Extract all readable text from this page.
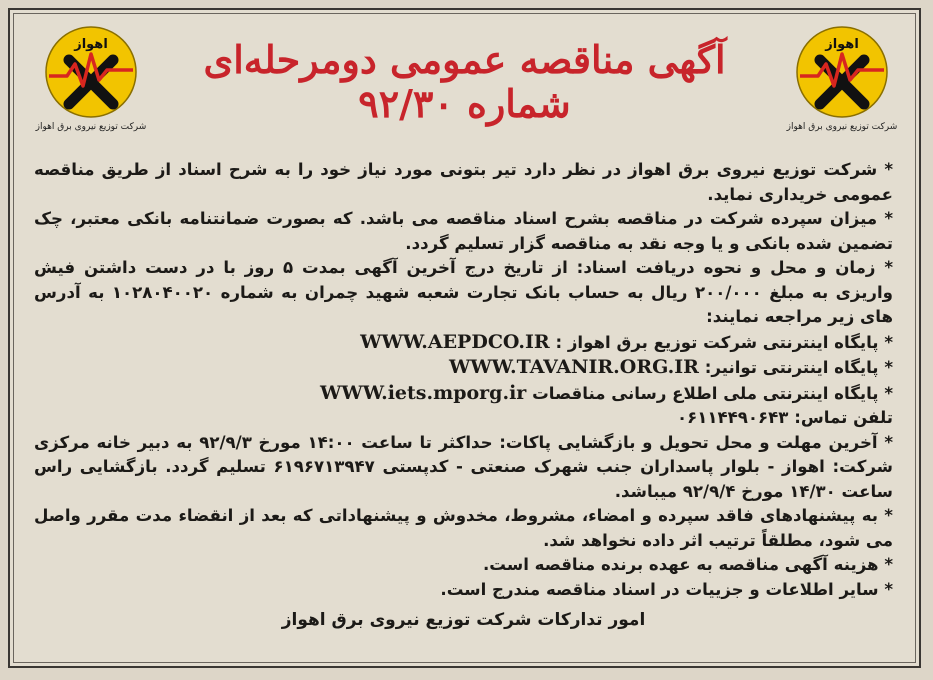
اهواز
شرکت توزیع نیروی برق اهواز
اهواز
شرکت توزیع نیروی برق اهواز
آگهی مناقصه عمومی دومرحله‌ای
شماره ۹۲/۳۰

* شرکت توزیع نیروی برق اهواز در نظر دارد تیر بتونی مورد نیاز خود را به شرح اسناد از طریق مناقصه عمومی خریداری نماید.

* میزان سپرده شرکت در مناقصه بشرح اسناد مناقصه می باشد. که بصورت ضمانتنامه بانکی معتبر، چک تضمین شده بانکی و یا وجه نقد به مناقصه گزار تسلیم گردد.

* زمان و محل و نحوه دریافت اسناد: از تاریخ درج آخرین آگهی بمدت ۵ روز با در دست داشتن فیش واریزی به مبلغ ۲۰۰/۰۰۰ ریال به حساب بانک تجارت شعبه شهید چمران به شماره ۱۰۲۸۰۴۰۰۲۰ به آدرس های زیر مراجعه نمایند:

* پایگاه اینترنتی شرکت توزیع برق اهواز : WWW.AEPDCO.IR

* پایگاه اینترنتی توانیر: WWW.TAVANIR.ORG.IR

* پایگاه اینترنتی ملی اطلاع رسانی مناقصات WWW.iets.mporg.ir

تلفن تماس: ۰۶۱۱۴۴۹۰۶۴۳

* آخرین مهلت و محل تحویل و بازگشایی پاکات: حداکثر تا ساعت ۱۴:۰۰ مورخ ۹۲/۹/۳ به دبیر خانه مرکزی شرکت: اهواز - بلوار پاسداران جنب شهرک صنعتی - کدپستی ۶۱۹۶۷۱۳۹۴۷ تسلیم گردد. بازگشایی راس ساعت ۱۴/۳۰ مورخ ۹۲/۹/۴ میباشد.

* به پیشنهادهای فاقد سپرده و امضاء، مشروط، مخدوش و پیشنهاداتی که بعد از انقضاء مدت مقرر واصل می شود، مطلقاً ترتیب اثر داده نخواهد شد.

* هزینه آگهی مناقصه به عهده برنده مناقصه است.

* سایر اطلاعات و جزییات در اسناد مناقصه مندرج است.

امور تدارکات شرکت توزیع نیروی برق اهواز
